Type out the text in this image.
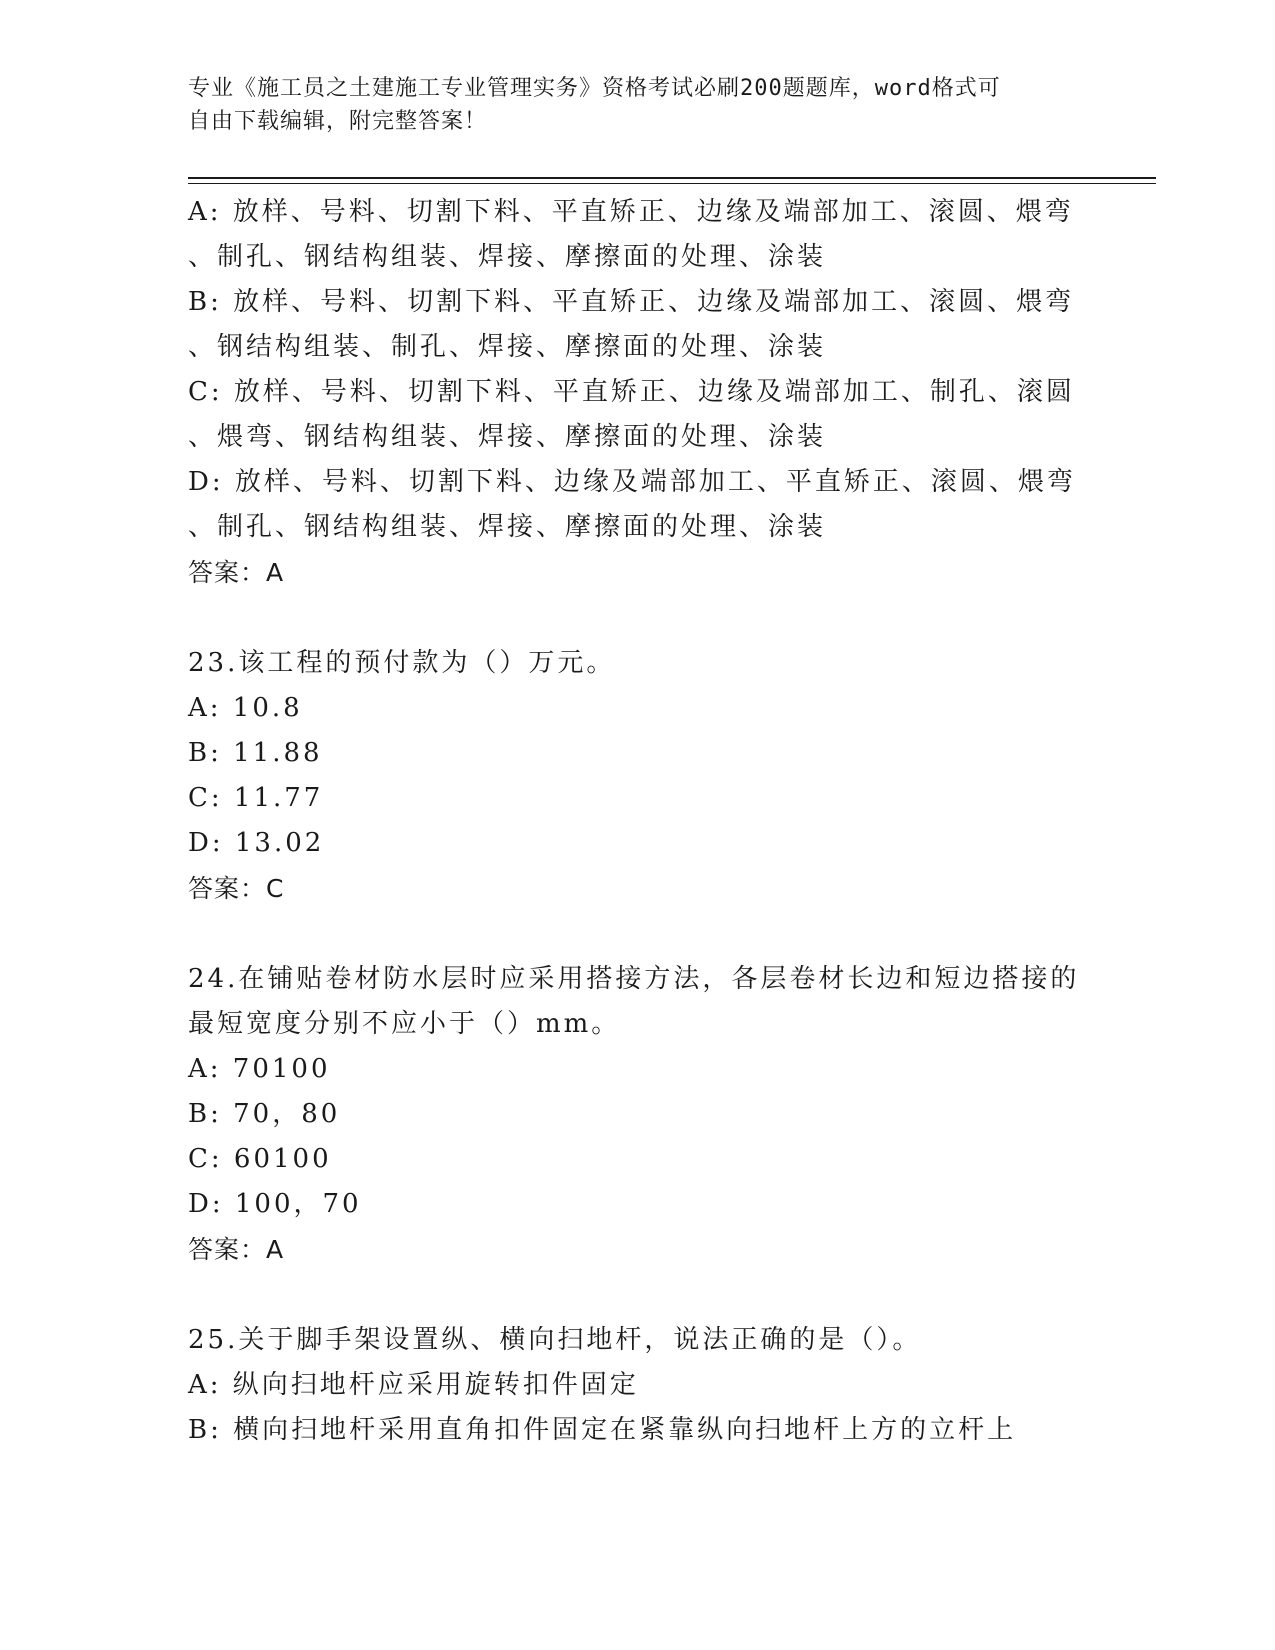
专业《施工员之土建施工专业管理实务》资格考试必刷200题题库，word格式可
自由下载编辑，附完整答案！
A: 放样、号料、切割下料、平直矫正、边缘及端部加工、滚圆、煨弯
、制孔、钢结构组装、焊接、摩擦面的处理、涂装
B: 放样、号料、切割下料、平直矫正、边缘及端部加工、滚圆、煨弯
、钢结构组装、制孔、焊接、摩擦面的处理、涂装
C: 放样、号料、切割下料、平直矫正、边缘及端部加工、制孔、滚圆
、煨弯、钢结构组装、焊接、摩擦面的处理、涂装
D: 放样、号料、切割下料、边缘及端部加工、平直矫正、滚圆、煨弯
、制孔、钢结构组装、焊接、摩擦面的处理、涂装
答案：A
23.该工程的预付款为（）万元。
A: 10.8
B: 11.88
C: 11.77
D: 13.02
答案：C
24.在铺贴卷材防水层时应采用搭接方法，各层卷材长边和短边搭接的
最短宽度分别不应小于（）mm。
A: 70100
B: 70，80
C: 60100
D: 100，70
答案：A
25.关于脚手架设置纵、横向扫地杆，说法正确的是（）。
A: 纵向扫地杆应采用旋转扣件固定
B: 横向扫地杆采用直角扣件固定在紧靠纵向扫地杆上方的立杆上
